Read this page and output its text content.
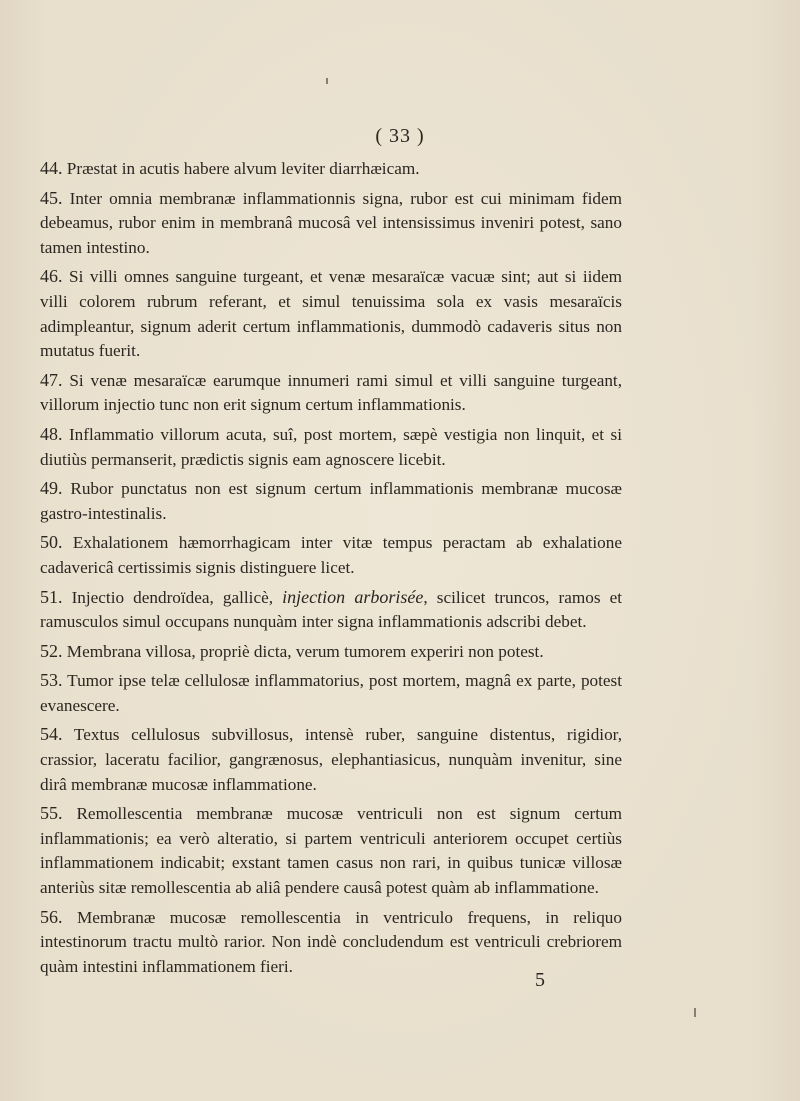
( 33 )

44. Præstat in acutis habere alvum leviter diarrhæicam.

45. Inter omnia membranæ inflammationnis signa, rubor est cui minimam fidem debeamus, rubor enim in membranâ mucosâ vel intensissimus inveniri potest, sano tamen intestino.

46. Si villi omnes sanguine turgeant, et venæ mesaraïcæ vacuæ sint; aut si iidem villi colorem rubrum referant, et simul tenuissima sola ex vasis mesaraïcis adimpleantur, signum aderit certum inflammationis, dummodò cadaveris situs non mutatus fuerit.

47. Si venæ mesaraïcæ earumque innumeri rami simul et villi sanguine turgeant, villorum injectio tunc non erit signum certum inflammationis.

48. Inflammatio villorum acuta, suî, post mortem, sæpè vestigia non linquit, et si diutiùs permanserit, prædictis signis eam agnoscere licebit.

49. Rubor punctatus non est signum certum inflammationis membranæ mucosæ gastro-intestinalis.

50. Exhalationem hæmorrhagicam inter vitæ tempus peractam ab exhalatione cadavericâ certissimis signis distinguere licet.

51. Injectio dendroïdea, gallicè, injection arborisée, scilicet truncos, ramos et ramusculos simul occupans nunquàm inter signa inflammationis adscribi debet.

52. Membrana villosa, propriè dicta, verum tumorem experiri non potest.

53. Tumor ipse telæ cellulosæ inflammatorius, post mortem, magnâ ex parte, potest evanescere.

54. Textus cellulosus subvillosus, intensè ruber, sanguine distentus, rigidior, crassior, laceratu facilior, gangrænosus, elephantiasicus, nunquàm invenitur, sine dirâ membranæ mucosæ inflammatione.

55. Remollescentia membranæ mucosæ ventriculi non est signum certum inflammationis; ea verò alteratio, si partem ventriculi anteriorem occupet certiùs inflammationem indicabit; exstant tamen casus non rari, in quibus tunicæ villosæ anteriùs sitæ remollescentia ab aliâ pendere causâ potest quàm ab inflammatione.

56. Membranæ mucosæ remollescentia in ventriculo frequens, in reliquo intestinorum tractu multò rarior. Non indè concludendum est ventriculi crebriorem quàm intestini inflammationem fieri.

5
